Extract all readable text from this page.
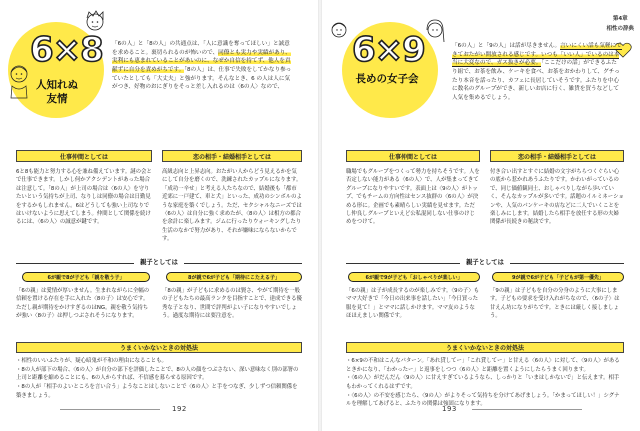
6×8
人知れぬ
友情
「6の人」と「8の人」の共通点は、「人に意識を奪ってほしい」と誠意を求めること。裏切られるのが怖いので、同僚とも実力や実績があり、実利にも恵まれていることがあいのに、なぜか自信を持てず、他人を貢献ずに自分を責めがちです。「8の人」は、仕事で失敗をしてかなり参っていたとしても「大丈夫」と強がります。そんなとき、6 の人は人に気がつき、好物のおにぎりをそっと差し入れるのは〈6の人〉なので、
仕事仲間としては	恋の相手・結婚相手としては
6と8も能力と努力する心を兼ね備えています。謎の会とで仕事できます。しかし何かアクシデントがあった場合は注意して。「8の人」が上司の場合は〈6の人〉を守りたいという気持ちが上司、なりしは同僚の場合は日勤見をするかもしれません。6はどうしても強い上司なりではいけないように思えてしまう。仲間として関係を続けるには、〈6の人〉の誠意が鍵です。
高級志向と上昇志向。おたがい人からどう見えるかを気にして自分を磨くので、洗練されたカップルになります。「成功一辛せ」と考える人たちなので、結婚後も「都市近郊に一戸建て、車と犬」といった、成功のシンボルのような家庭を築くでしょう。ただ、セクシャルなニーズでは〈6の人〉は自分に強く求めたが、〈8の人〉は相方の都合を余計に楽しみます。ジムに行ったりウォーキングしたり生活のなかで努力があり、それが嫌味にならないからです。
親子としては
6が親で8が子ども「親を敬う子」	8が親で6が子ども「期待にこたえる子」
「6の親」は愛情が厚いません。生まれながらに全幅の信頼を置ける存在を手に入れた〈8の子〉は安心です。ただし親が期待をかけすぎるのはNG。親を敬う気持ちが強い〈8の子〉は押しつぶされそうになります。
「8の親」が子どもに求めるのは賢さ、やがて期待を一般の子どもたちの最高ランクを目指すことで、達成できる優秀な子となり、世間で評判がよい子になりやすいでしょう。過度な期待には要注意を。
うまくいかないときの対処法
・相性のいいふたりが、疑心暗鬼が不和の理由になることも。
・8の人が部下の場合、〈6の人〉が自分の部下を評価したことで、8の人の顔をつぶさない、深い意味なく別の部署の上司と距離を縮めることにも、6の人からすれば、不信感を募らせる原因です。
・8の人が「相手のよいところを言い合う」ようなことはしないことで〈6の人〉と手をつなぎ、少しずつ信頼関係を築きましょう。
192
6×9
長めの女子会
第4章
相性の辞典
「6の人」と「9の人」は話が尽きません。言いにくい話も気軽にできておたがい開放される感じです。いつも「いい人」でいるのは本当に大変なので、ガス抜きが必要。「ここだけの話」ができるふたり組で、お茶を飲み、ケーキを食べ、お茶をおかわりして、グチったり本音を話ったり、カフェに長居していそうです。ふたりを中心に数名のグループができ、新しいお店に行く、雑貨を買うなどして人気を集めるでしょう。
仕事仲間としては	恋の相手・結婚相手としては
職場でもグループをつくって勢力を持ちそうです。人を否定しない能力がある〈6の人〉で、人が集まってきてグループになりやすいです。表面上は〈9の人〉がトップ、でもチームの方向性はセンス抜群の〈6の人〉が決める形に。企画でも素晴らしい実績を見せます。ただし仲良しグループといえど公私混同しない仕事のけじめをつけて。
付き合い出すとすぐに結婚の文字がちらつくぐらい心の底から惹かれあうふたりです。かわいがっているので、同じ価値観同士、おしゃべりしながら歩いていく、そんなカップルが多いです。話題のイルミネーションや、人気のパンケーキの店などに二人でいくことを楽しみにします。結婚したら相手を放任する形の夫婦関係が長続きの秘訣です。
親子としては
6が親で9が子ども「おしゃべりが楽しい」	9が親で6が子ども「子どもが第一優先」
「6の親」は子が成長するのが楽しみです。〈9の子〉もママ大好きで「今日の出来事を話したい」「今日買った服を見て！」とママに話しかけます。ママ友のようなほほえましい関係です。
「9の親」は子どもを自分の分身のように大事にします。子どもの要求を受け入れがちなので、〈6の子〉は甘えん坊になりがちです。ときには厳しく接しましょう。
うまくいかないときの対処法
・6×9の不和はこんなパターン。「あれ貸してー」「これ貸してー」と甘える〈6の人〉に対して、〈9の人〉があるときかになり、「わかったー」と返事をしつつ〈6の人〉と距離を置くようにしたらうまく回ります。
・〈6の人〉がだんだん〈9の人〉に甘えすぎているようなら、しっかりと「いまはしかないで」と伝えます。相手もわかってくれるはずです。
・〈6の人〉の不安を感じたら、〈9の人〉がよりそって気持ちを分けてあげましょう。「かまってほしい！」シグナルを理解してあげると、ふたりの関係は強固になります。
193
